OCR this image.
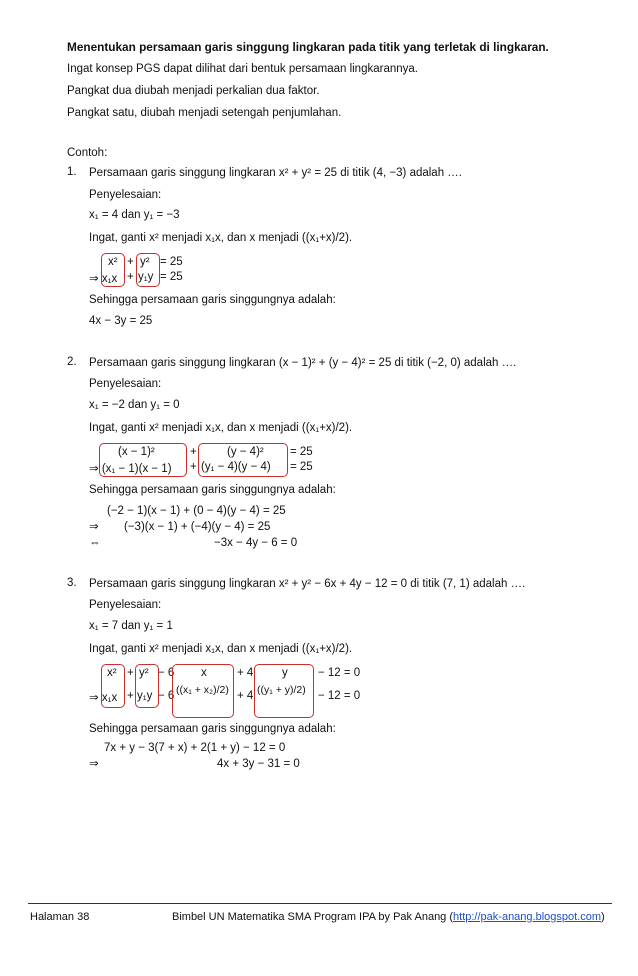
Menentukan persamaan garis singgung lingkaran pada titik yang terletak di lingkaran.
Ingat konsep PGS dapat dilihat dari bentuk persamaan lingkarannya.
Pangkat dua diubah menjadi perkalian dua faktor.
Pangkat satu, diubah menjadi setengah penjumlahan.
Contoh:
1. Persamaan garis singgung lingkaran x² + y² = 25 di titik (4, −3) adalah ….
Penyelesaian:
x₁ = 4 dan y₁ = −3
Ingat, ganti x² menjadi x₁x, dan x menjadi ((x₁+x)/2).
x² + y² = 25
⇒ x₁x + y₁y = 25
Sehingga persamaan garis singgungnya adalah:
4x − 3y = 25
2. Persamaan garis singgung lingkaran (x − 1)² + (y − 4)² = 25 di titik (−2, 0) adalah ….
Penyelesaian:
x₁ = −2 dan y₁ = 0
Ingat, ganti x² menjadi x₁x, dan x menjadi ((x₁+x)/2).
(x − 1)²	+	(y − 4)² = 25
⇒ (x₁ − 1)(x − 1) + (y₁ − 4)(y − 4) = 25
Sehingga persamaan garis singgungnya adalah:
(−2 − 1)(x − 1) + (0 − 4)(y − 4) = 25
⇒ (−3)(x − 1) + (−4)(y − 4) = 25
⇔	−3x − 4y − 6 = 0
3. Persamaan garis singgung lingkaran x² + y² − 6x + 4y − 12 = 0 di titik (7, 1) adalah ….
Penyelesaian:
x₁ = 7 dan y₁ = 1
Ingat, ganti x² menjadi x₁x, dan x menjadi ((x₁+x)/2).
x² + y² − 6 x	+ 4 y	− 12 = 0
⇒ x₁x + y₁y − 6 ((x₁ + x₂)/2) + 4 ((y₁ + y)/2) − 12 = 0
Sehingga persamaan garis singgungnya adalah:
7x + y − 3(7 + x) + 2(1 + y) − 12 = 0
⇒	4x + 3y − 31 = 0
Halaman 38	Bimbel UN Matematika SMA Program IPA by Pak Anang (http://pak-anang.blogspot.com)
